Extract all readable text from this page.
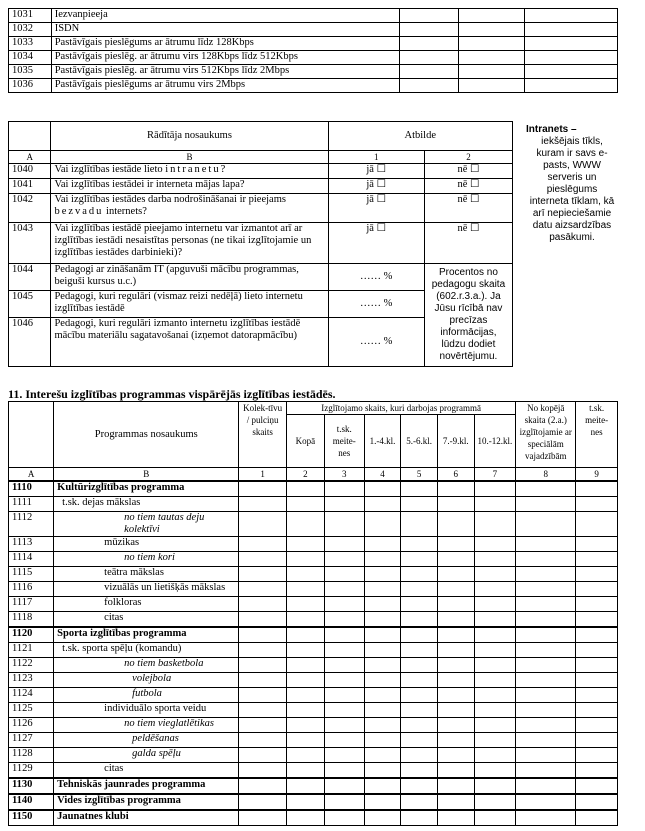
1031	Iezvanpieeja			
1032	ISDN			
1033	Pastāvīgais pieslēgums ar ātrumu līdz 128Kbps			
1034	Pastāvīgais pieslēg. ar ātrumu virs 128Kbps līdz 512Kbps			
1035	Pastāvīgais pieslēg. ar ātrumu virs 512Kbps līdz 2Mbps			
1036	Pastāvīgais pieslēgums ar ātrumu virs 2Mbps			
	Rādītāja nosaukums	Atbilde	
A	B	1	2
1040	Vai izglītības iestāde lieto intranetu?	jā ☐	nē ☐
1041	Vai izglītības iestādei ir interneta mājas lapa?	jā ☐	nē ☐
1042	Vai izglītības iestādes darba nodrošināšanai ir pieejams bezvadu internets?	jā ☐	nē ☐
1043	Vai izglītības iestādē pieejamo internetu var izmantot arī ar izglītības iestādi nesaistītas personas (ne tikai izglītojamie un izglītības iestādes darbinieki)?	jā ☐	nē ☐
1044	Pedagogi ar zināšanām IT (apguvuši mācību programmas, beiguši kursus u.c.)	…… %	Procentos no pedagogu skaita (602.r.3.a.). Ja Jūsu rīcībā nav precīzas informācijas, lūdzu dodiet novērtējumu.
1045	Pedagogi, kuri regulāri (vismaz reizi nedēļā) lieto internetu izglītības iestādē	…… %	
1046	Pedagogi, kuri regulāri izmanto internetu izglītības iestādē mācību materiālu sagatavošanai (izņemot datorapmācību)	…… %	
Intranets –
iekšējais tīkls, kuram ir savs e-pasts, WWW serveris un pieslēgums interneta tīklam, kā arī nepieciešamie datu aizsardzības pasākumi.
11. Interešu izglītības programmas vispārējās izglītības iestādēs.
	Programmas nosaukums	Kolek-tīvu / pulciņu skaits	Izglītojamo skaits, kuri darbojas programmā						No kopējā skaita (2.a.) izglītojamie ar speciālām vajadzībām	t.sk. meite-nes
			Kopā	t.sk. meite-nes	1.-4.kl.	5.-6.kl.	7.-9.kl.	10.-12.kl.		
A	B	1	2	3	4	5	6	7	8	9
1110	Kultūrizglītības programma									
1111	t.sk. dejas mākslas									
1112	no tiem tautas deju kolektīvi									
1113	mūzikas									
1114	no tiem kori									
1115	teātra mākslas									
1116	vizuālās un lietišķās mākslas									
1117	folkloras									
1118	citas									
1120	Sporta izglītības programma									
1121	t.sk. sporta spēļu (komandu)									
1122	no tiem basketbola									
1123	volejbola									
1124	futbola									
1125	individuālo sporta veidu									
1126	no tiem vieglatlētikas									
1127	peldēšanas									
1128	galda spēļu									
1129	citas									
1130	Tehniskās jaunrades programma									
1140	Vides izglītības programma									
1150	Jaunatnes klubi									
